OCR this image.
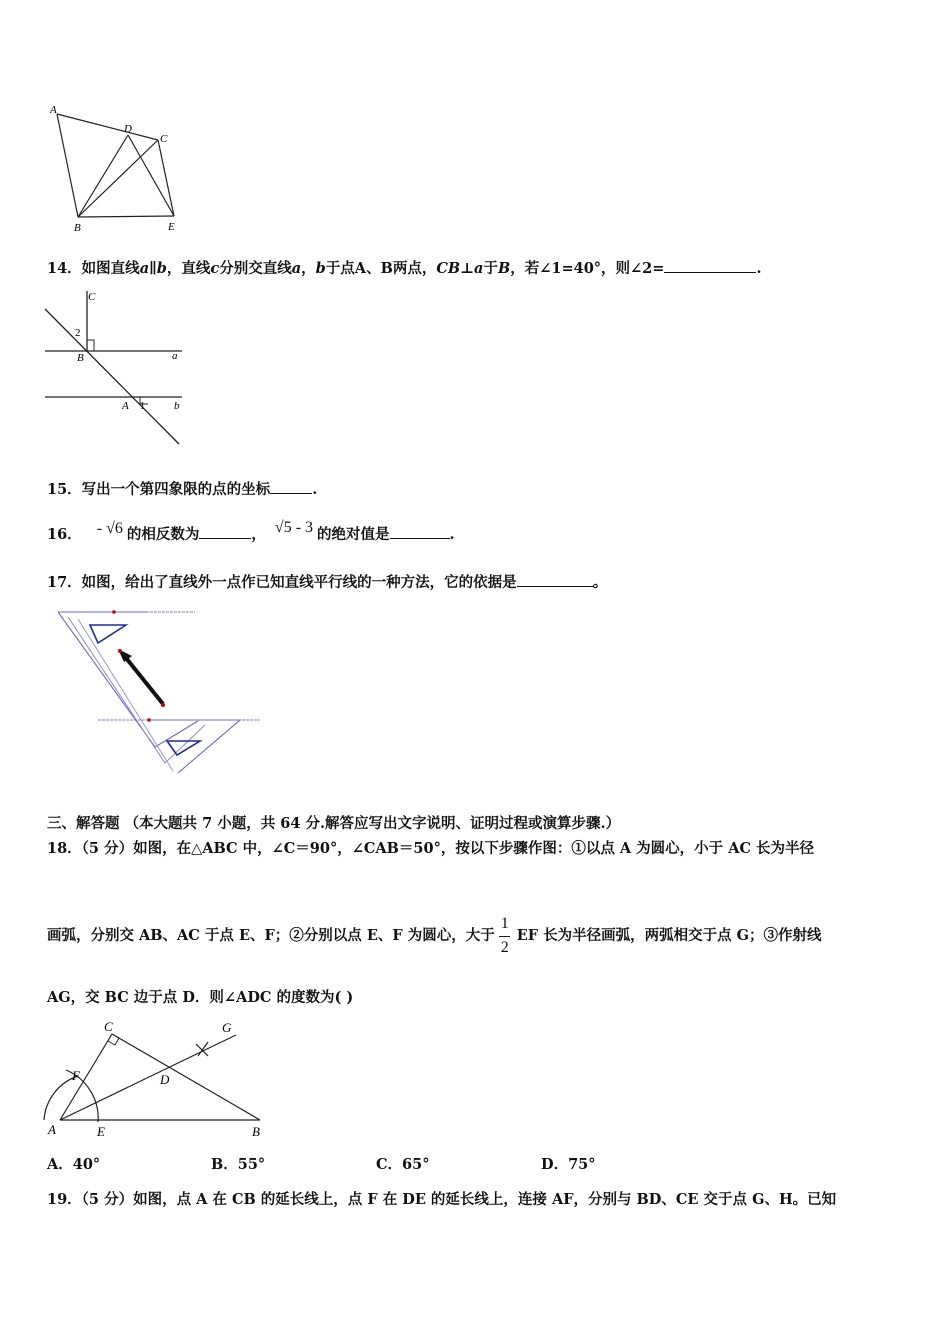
A
D
C
B	E
14．如图直线a∥b，直线c分别交直线a，b于点A、B两点，CB⊥a于B，若∠1=40°，则∠2=	.
C
2
B	a
A 1	b
15．写出一个第四象限的点的坐标	.
16． - √6 的相反数为	， √5 - 3 的绝对值是	.
17．如图，给出了直线外一点作已知直线平行线的一种方法，它的依据是	。
三、解答题 （本大题共 7 小题，共 64 分.解答应写出文字说明、证明过程或演算步骤.）
18．（5 分）如图，在△ABC 中，∠C＝90°，∠CAB＝50°，按以下步骤作图：①以点 A 为圆心，小于 AC 长为半径
画弧，分别交 AB、AC 于点 E、F；②分别以点 E、F 为圆心，大于
$\frac{1}{2}$
EF 长为半径画弧，两弧相交于点 G；③作射线
AG，交 BC 边于点 D．则∠ADC 的度数为( )
C	G
F	D
A	E	B
A．40°	B．55°	C．65°	D．75°
19．（5 分）如图，点 A 在 CB 的延长线上，点 F 在 DE 的延长线上，连接 AF，分别与 BD、CE 交于点 G、H。已知
